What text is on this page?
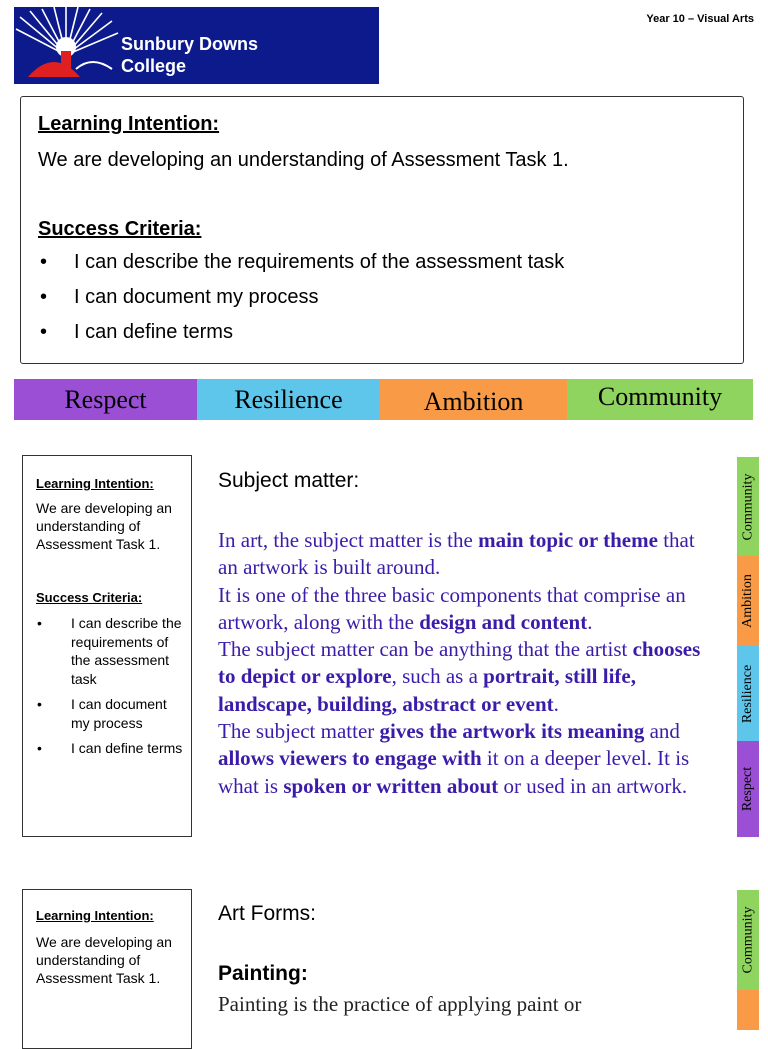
Sunbury Downs
College
Year 10 – Visual Arts
Learning Intention:
We are developing an understanding of Assessment Task 1.
Success Criteria:
• I can describe the requirements of the assessment task
• I can document my process
• I can define terms
Respect	Resilience	Ambition	Community
Learning Intention:
We are developing an understanding of Assessment Task 1.
Success Criteria:
• I can describe the requirements of the assessment task
• I can document my process
• I can define terms
Subject matter:
In art, the subject matter is the main topic or theme that an artwork is built around.
It is one of the three basic components that comprise an artwork, along with the design and content.
The subject matter can be anything that the artist chooses to depict or explore, such as a portrait, still life, landscape, building, abstract or event.
The subject matter gives the artwork its meaning and allows viewers to engage with it on a deeper level. It is what is spoken or written about or used in an artwork.
Community
Ambition
Resilience
Respect
Learning Intention:
We are developing an understanding of Assessment Task 1.
Art Forms:
Painting:
Painting is the practice of applying paint or
Community
